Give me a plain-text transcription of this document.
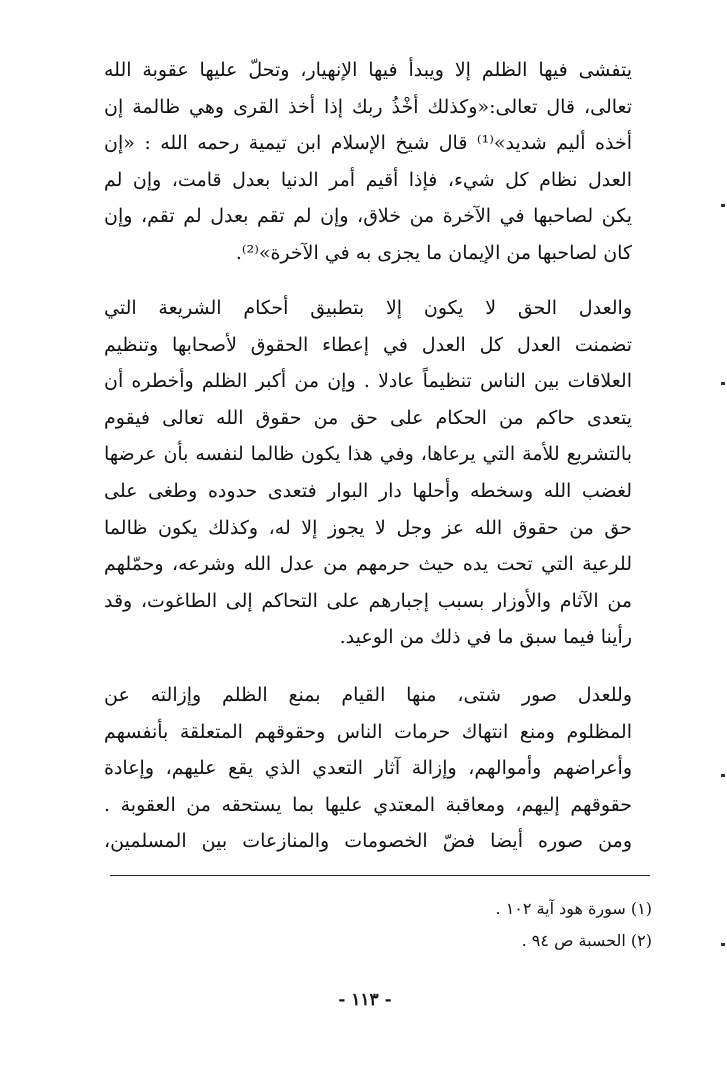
يتفشى فيها الظلم إلا ويبدأ فيها الإنهيار، وتحلّ عليها عقوبة الله
تعالى، قال تعالى:«وكذلك أخْذُ ربك إذا أخذ القرى وهي ظالمة إن
أخذه أليم شديد»⁽¹⁾ قال شيخ الإسلام ابن تيمية رحمه الله : «إن
العدل نظام كل شيء، فإذا أقيم أمر الدنيا بعدل قامت، وإن لم
يكن لصاحبها في الآخرة من خلاق، وإن لم تقم بعدل لم تقم، وإن
كان لصاحبها من الإيمان ما يجزى به في الآخرة»⁽²⁾.
والعدل الحق لا يكون إلا بتطبيق أحكام الشريعة التي
تضمنت العدل كل العدل في إعطاء الحقوق لأصحابها وتنظيم
العلاقات بين الناس تنظيماً عادلا . وإن من أكبر الظلم وأخطره أن
يتعدى حاكم من الحكام على حق من حقوق الله تعالى فيقوم
بالتشريع للأمة التي يرعاها، وفي هذا يكون ظالما لنفسه بأن عرضها
لغضب الله وسخطه وأحلها دار البوار فتعدى حدوده وطغى على
حق من حقوق الله عز وجل لا يجوز إلا له، وكذلك يكون ظالما
للرعية التي تحت يده حيث حرمهم من عدل الله وشرعه، وحمّلهم
من الآثام والأوزار بسبب إجبارهم على التحاكم إلى الطاغوت، وقد
رأينا فيما سبق ما في ذلك من الوعيد.
وللعدل صور شتى، منها القيام بمنع الظلم وإزالته عن
المظلوم ومنع انتهاك حرمات الناس وحقوقهم المتعلقة بأنفسهم
وأعراضهم وأموالهم، وإزالة آثار التعدي الذي يقع عليهم، وإعادة
حقوقهم إليهم، ومعاقبة المعتدي عليها بما يستحقه من العقوبة .
ومن صوره أيضا فضّ الخصومات والمنازعات بين المسلمين،
(١) سورة هود آية ١٠٢ .
(٢) الحسبة ص ٩٤ .
- ١١٣ -
